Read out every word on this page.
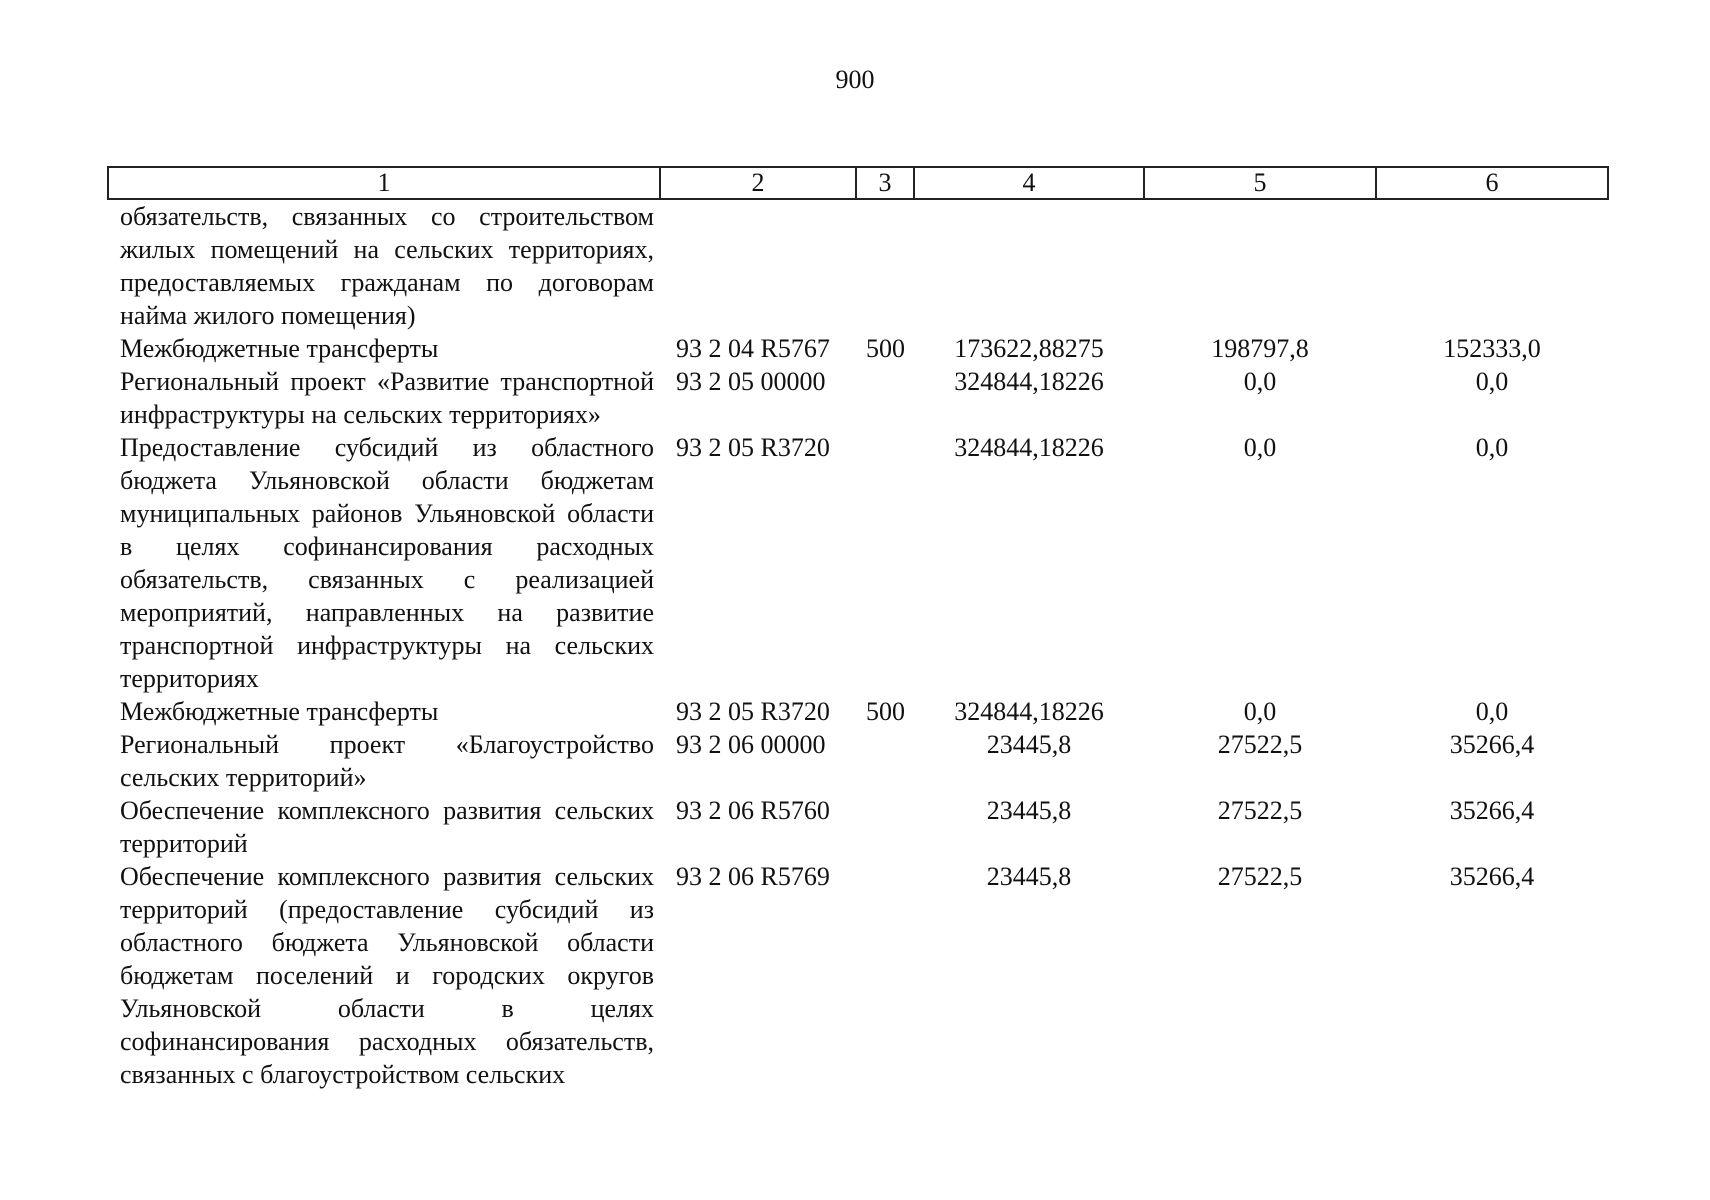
900
1	2	3	4	5	6
обязательств, связанных со строительством жилых помещений на сельских территориях, предоставляемых гражданам по договорам найма жилого помещения)					
Межбюджетные трансферты	93 2 04 R5767	500	173622,88275	198797,8	152333,0
Региональный проект «Развитие транспортной инфраструктуры на сельских территориях»	93 2 05 00000		324844,18226	0,0	0,0
Предоставление субсидий из областного бюджета Ульяновской области бюджетам муниципальных районов Ульяновской области в целях софинансирования расходных обязательств, связанных с реализацией мероприятий, направленных на развитие транспортной инфраструктуры на сельских территориях	93 2 05 R3720		324844,18226	0,0	0,0
Межбюджетные трансферты	93 2 05 R3720	500	324844,18226	0,0	0,0
Региональный проект «Благоустройство сельских территорий»	93 2 06 00000		23445,8	27522,5	35266,4
Обеспечение комплексного развития сельских территорий	93 2 06 R5760		23445,8	27522,5	35266,4
Обеспечение комплексного развития сельских территорий (предоставление субсидий из областного бюджета Ульяновской области бюджетам поселений и городских округов Ульяновской области в целях софинансирования расходных обязательств, связанных с благоустройством сельских	93 2 06 R5769		23445,8	27522,5	35266,4
